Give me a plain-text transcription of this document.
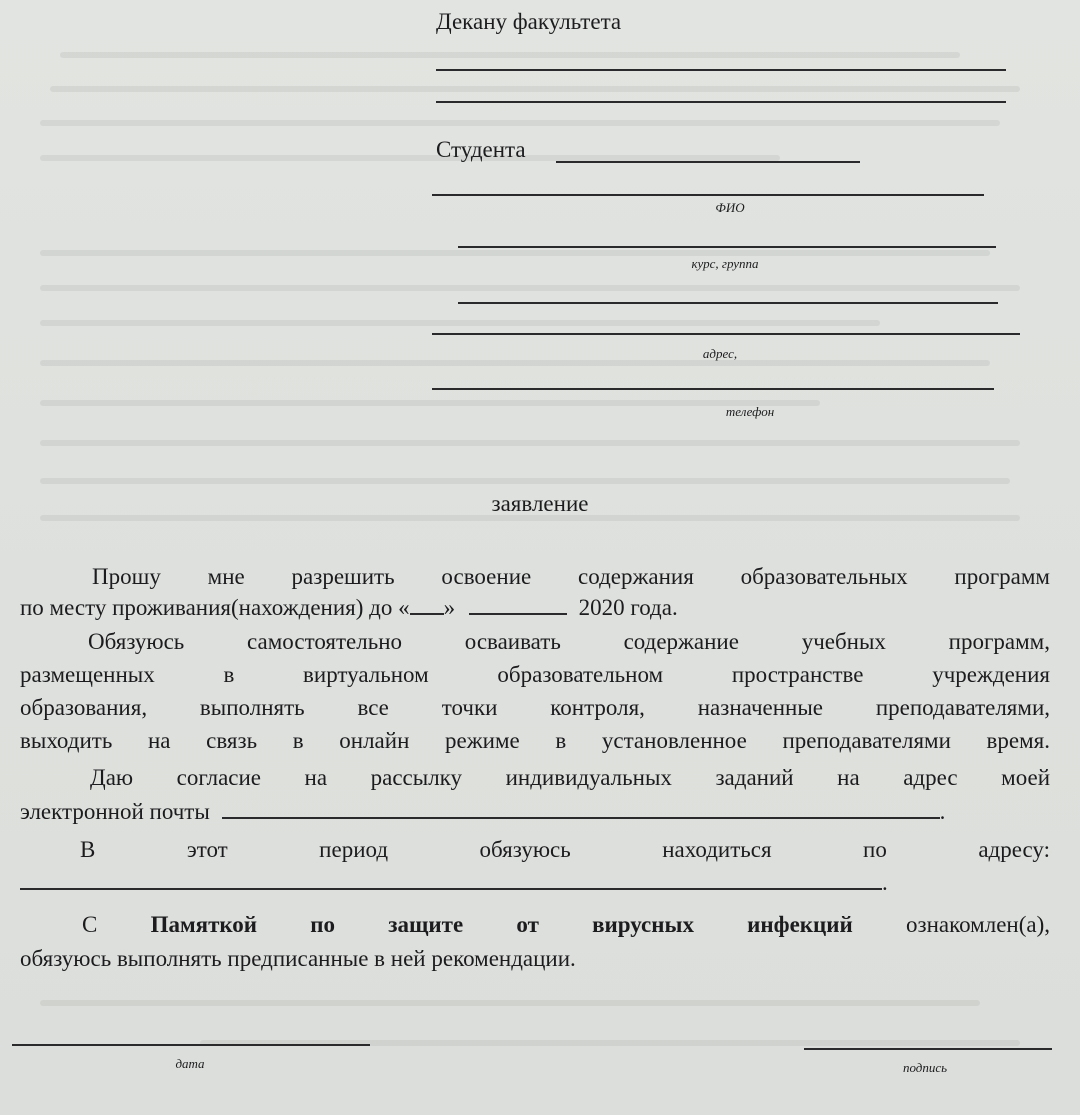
Декану факультета
Студента
ФИО
курс, группа
адрес,
телефон
заявление
Прошу мне разрешить освоение содержания образовательных программ
по месту проживания(нахождения) до « »	2020 года.
Обязуюсь самостоятельно осваивать содержание учебных программ,
размещенных в виртуальном образовательном пространстве учреждения
образования, выполнять все точки контроля, назначенные преподавателями,
выходить на связь в онлайн режиме в установленное преподавателями время.
Даю согласие на рассылку индивидуальных заданий на адрес моей
электронной почты	.
В этот период обязуюсь находиться по адресу:
.
С Памяткой по защите от вирусных инфекций ознакомлен(а),
обязуюсь выполнять предписанные в ней рекомендации.
дата	подпись
